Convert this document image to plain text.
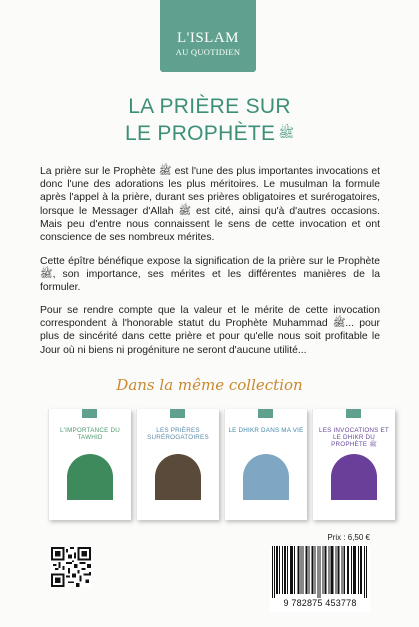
L'ISLAM
AU QUOTIDIEN
LA PRIÈRE SUR
LE PROPHÈTE ﷺ
La prière sur le Prophète ﷺ est l'une des plus importantes invocations et donc l'une des adorations les plus méritoires. Le musulman la formule après l'appel à la prière, durant ses prières obligatoires et surérogatoires, lorsque le Messager d'Allah ﷺ est cité, ainsi qu'à d'autres occasions. Mais peu d'entre nous connaissent le sens de cette invocation et ont conscience de ses nombreux mérites.
Cette épître bénéfique expose la signification de la prière sur le Prophète ﷺ, son importance, ses mérites et les différentes manières de la formuler.
Pour se rendre compte que la valeur et le mérite de cette invocation correspondent à l'honorable statut du Prophète Muhammad ﷺ... pour plus de sincérité dans cette prière et pour qu'elle nous soit profitable le Jour où ni biens ni progéniture ne seront d'aucune utilité...
Dans la même collection
L'IMPORTANCE DU TAWHID
LES PRIÈRES SURÉROGATOIRES
LE DHIKR DANS MA VIE	LES INVOCATIONS ET LE DHIKR DU PROPHÈTE ﷺ
Prix : 6,50 €
9 782875 453778
